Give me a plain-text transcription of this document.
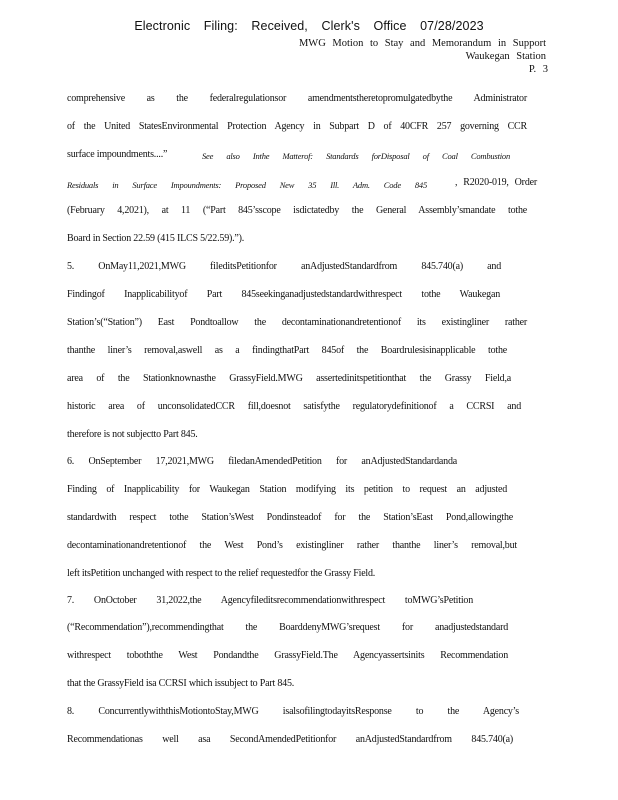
Electronic Filing: Received, Clerk's Office 07/28/2023
MWG Motion to Stay and Memorandum in Support
Waukegan Station
P. 3
comprehensive as the federalregulationsor amendmentstheretopromulgatedbythe Administrator
of the United StatesEnvironmental Protection Agency in Subpart D of 40CFR 257 governing CCR
surface impoundments....”	See also Inthe Matterof: Standards forDisposal of Coal Combustion
Residuals in Surface Impoundments: Proposed New 35 Ill. Adm. Code 845	, R2020-019, Order
(February 4,2021), at 11 (“Part 845’sscope isdictatedby the General Assembly’smandate tothe
Board in Section 22.59 (415 ILCS 5/22.59).”).
5. OnMay11,2021,MWG fileditsPetitionfor anAdjustedStandardfrom 845.740(a) and
Findingof Inapplicabilityof Part 845seekinganadjustedstandardwithrespect tothe Waukegan
Station’s(“Station”) East Pondtoallow the decontaminationandretentionof its existingliner rather
thanthe liner’s removal,aswell as a findingthatPart 845of the Boardrulesisinapplicable tothe
area of the Stationknownasthe GrassyField.MWG assertedinitspetitionthat the Grassy Field,a
historic area of unconsolidatedCCR fill,doesnot satisfythe regulatorydefinitionof a CCRSI and
therefore is not subjectto Part 845.
6. OnSeptember 17,2021,MWG filedanAmendedPetition for anAdjustedStandardanda
Finding of Inapplicability for Waukegan Station modifying its petition to request an adjusted
standardwith respect tothe Station’sWest Pondinsteadof for the Station’sEast Pond,allowingthe
decontaminationandretentionof the West Pond’s existingliner rather thanthe liner’s removal,but
left itsPetition unchanged with respect to the relief requestedfor the Grassy Field.
7. OnOctober 31,2022,the Agencyfileditsrecommendationwithrespect toMWG’sPetition
(“Recommendation”),recommendingthat the BoarddenyMWG’srequest for anadjustedstandard
withrespect toboththe West Pondandthe GrassyField.The Agencyassertsinits Recommendation
that the GrassyField isa CCRSI which issubject to Part 845.
8. ConcurrentlywiththisMotiontoStay,MWG isalsofilingtodayitsResponse to the Agency’s
Recommendationas well asa SecondAmendedPetitionfor anAdjustedStandardfrom 845.740(a)
